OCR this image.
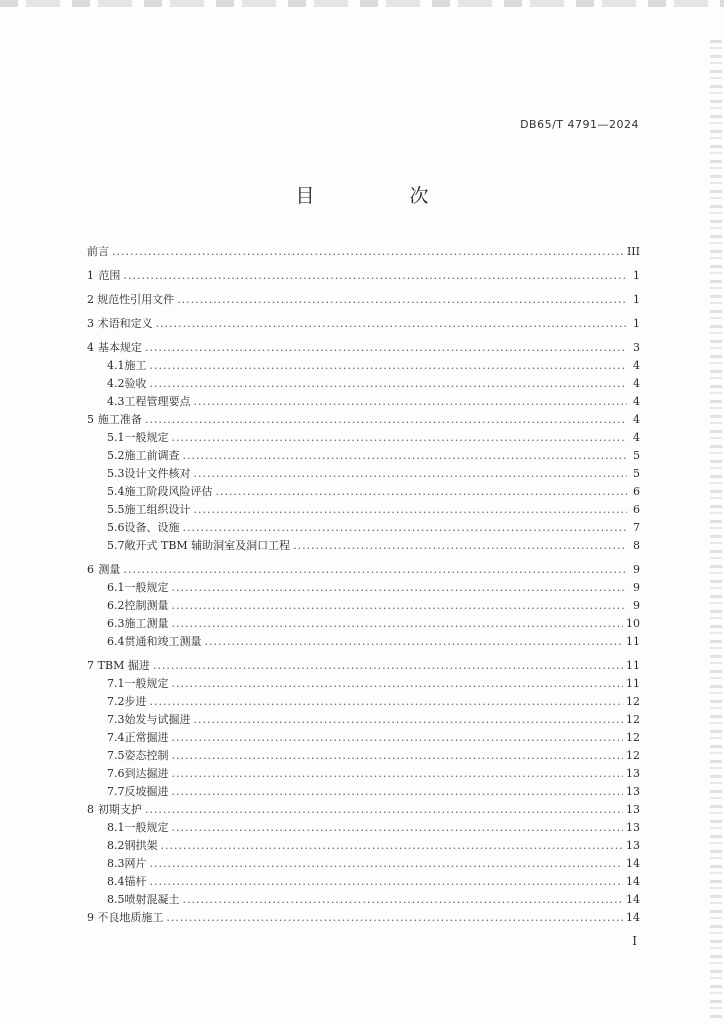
DB65/T 4791—2024
目　次
前言 .....	III
1 范围 .....	1
2 规范性引用文件 .....	1
3 术语和定义 .....	1
4 基本规定 .....	3
4.1 施工 .....	4
4.2 验收 .....	4
4.3 工程管理要点 .....	4
5 施工准备 .....	4
5.1 一般规定 .....	4
5.2 施工前调查 .....	5
5.3 设计文件核对 .....	5
5.4 施工阶段风险评估 .....	6
5.5 施工组织设计 .....	6
5.6 设备、设施 .....	7
5.7 敞开式 TBM 辅助洞室及洞口工程 .....	8
6 测量 .....	9
6.1 一般规定 .....	9
6.2 控制测量 .....	9
6.3 施工测量 .....	10
6.4 贯通和竣工测量 .....	11
7 TBM 掘进 .....	11
7.1 一般规定 .....	11
7.2 步进 .....	12
7.3 始发与试掘进 .....	12
7.4 正常掘进 .....	12
7.5 姿态控制 .....	12
7.6 到达掘进 .....	13
7.7 反坡掘进 .....	13
8 初期支护 .....	13
8.1 一般规定 .....	13
8.2 钢拱架 .....	13
8.3 网片 .....	14
8.4 锚杆 .....	14
8.5 喷射混凝土 .....	14
9 不良地质施工 .....	14
I
